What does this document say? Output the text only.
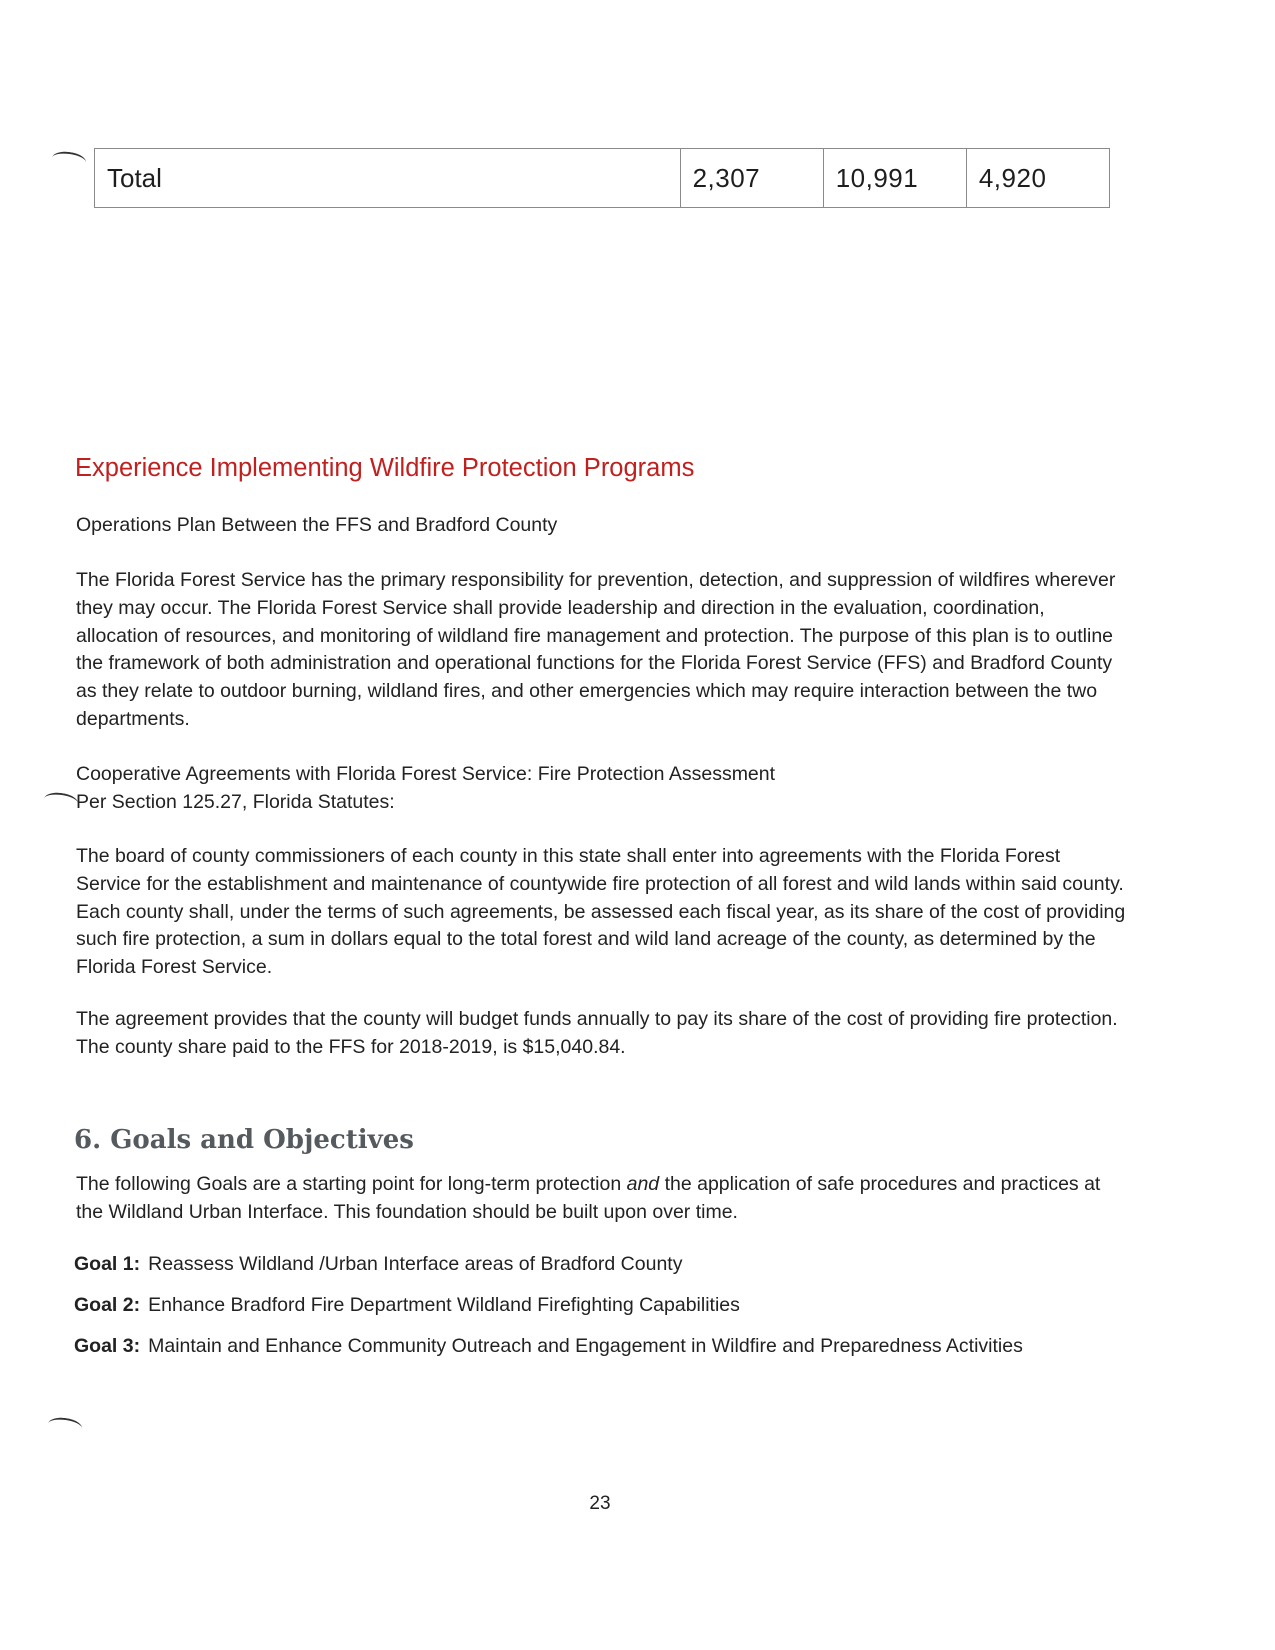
Total	2,307	10,991	4,920
Experience Implementing Wildfire Protection Programs

Operations Plan Between the FFS and Bradford County

The Florida Forest Service has the primary responsibility for prevention, detection, and suppression of wildfires wherever they may occur. The Florida Forest Service shall provide leadership and direction in the evaluation, coordination, allocation of resources, and monitoring of wildland fire management and protection. The purpose of this plan is to outline the framework of both administration and operational functions for the Florida Forest Service (FFS) and Bradford County as they relate to outdoor burning, wildland fires, and other emergencies which may require interaction between the two departments.

Cooperative Agreements with Florida Forest Service: Fire Protection Assessment

Per Section 125.27, Florida Statutes:

The board of county commissioners of each county in this state shall enter into agreements with the Florida Forest Service for the establishment and maintenance of countywide fire protection of all forest and wild lands within said county. Each county shall, under the terms of such agreements, be assessed each fiscal year, as its share of the cost of providing such fire protection, a sum in dollars equal to the total forest and wild land acreage of the county, as determined by the Florida Forest Service.

The agreement provides that the county will budget funds annually to pay its share of the cost of providing fire protection. The county share paid to the FFS for 2018-2019, is $15,040.84.

6. Goals and Objectives

The following Goals are a starting point for long-term protection and the application of safe procedures and practices at the Wildland Urban Interface. This foundation should be built upon over time.

Goal 1: Reassess Wildland /Urban Interface areas of Bradford County

Goal 2: Enhance Bradford Fire Department Wildland Firefighting Capabilities

Goal 3: Maintain and Enhance Community Outreach and Engagement in Wildfire and Preparedness Activities

23
